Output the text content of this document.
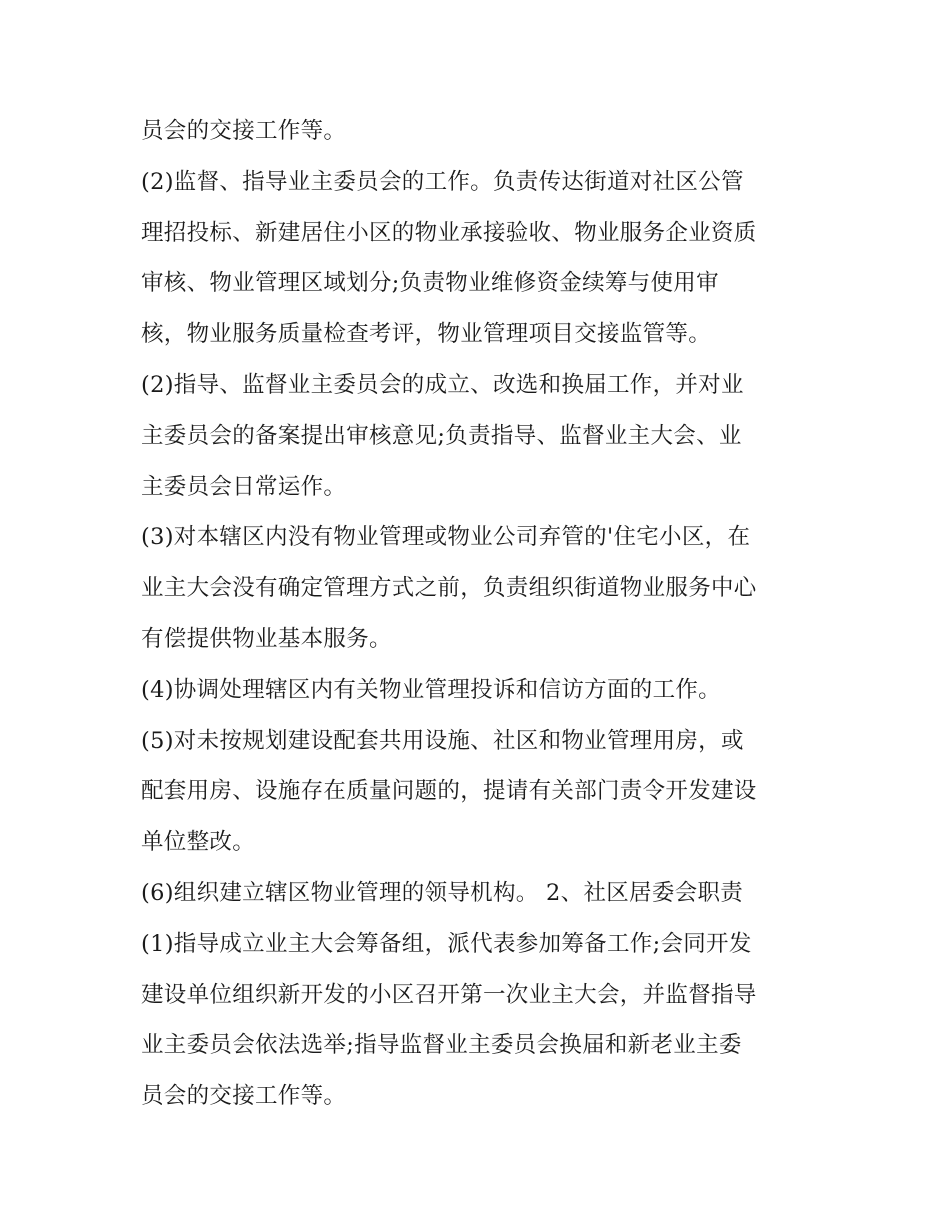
员会的交接工作等。
(2)监督、指导业主委员会的工作。负责传达街道对社区公管
理招投标、新建居住小区的物业承接验收、物业服务企业资质
审核、物业管理区域划分;负责物业维修资金续筹与使用审
核，物业服务质量检查考评，物业管理项目交接监管等。
(2)指导、监督业主委员会的成立、改选和换届工作，并对业
主委员会的备案提出审核意见;负责指导、监督业主大会、业
主委员会日常运作。
(3)对本辖区内没有物业管理或物业公司弃管的'住宅小区，在
业主大会没有确定管理方式之前，负责组织街道物业服务中心
有偿提供物业基本服务。
(4)协调处理辖区内有关物业管理投诉和信访方面的工作。
(5)对未按规划建设配套共用设施、社区和物业管理用房，或
配套用房、设施存在质量问题的，提请有关部门责令开发建设
单位整改。
(6)组织建立辖区物业管理的领导机构。 2、社区居委会职责
(1)指导成立业主大会筹备组，派代表参加筹备工作;会同开发
建设单位组织新开发的小区召开第一次业主大会，并监督指导
业主委员会依法选举;指导监督业主委员会换届和新老业主委
员会的交接工作等。
